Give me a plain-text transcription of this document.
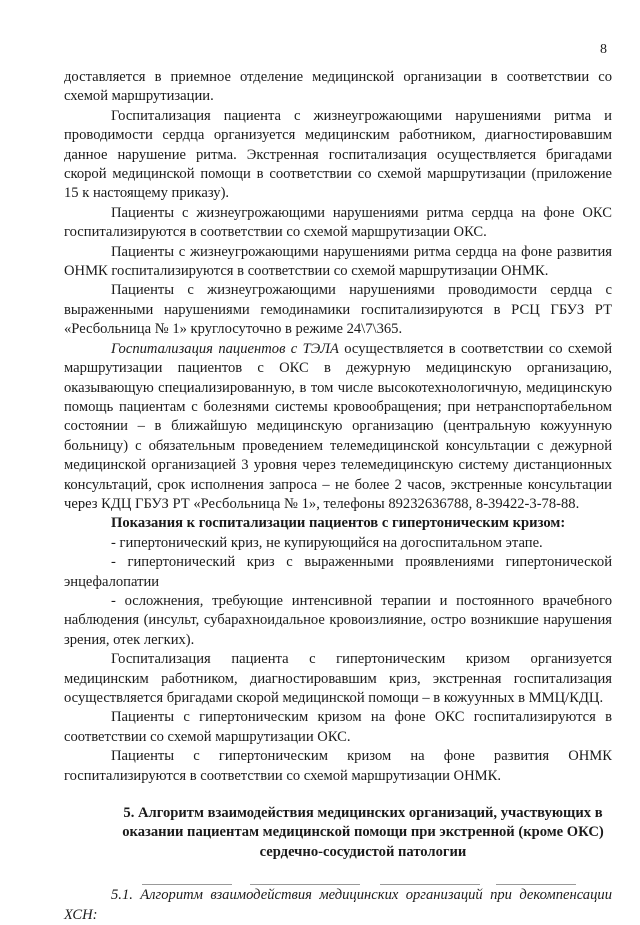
8

доставляется в приемное отделение медицинской организации в соответствии со схемой маршрутизации.

Госпитализация пациента с жизнеугрожающими нарушениями ритма и проводимости сердца организуется медицинским работником, диагностировавшим данное нарушение ритма. Экстренная госпитализация осуществляется бригадами скорой медицинской помощи в соответствии со схемой маршрутизации (приложение 15 к настоящему приказу).

Пациенты с жизнеугрожающими нарушениями ритма сердца на фоне ОКС госпитализируются в соответствии со схемой маршрутизации ОКС.

Пациенты с жизнеугрожающими нарушениями ритма сердца на фоне развития ОНМК госпитализируются в соответствии со схемой маршрутизации ОНМК.

Пациенты с жизнеугрожающими нарушениями проводимости сердца с выраженными нарушениями гемодинамики госпитализируются в РСЦ ГБУЗ РТ «Ресбольница № 1» круглосуточно в режиме 24\7\365.

Госпитализация пациентов с ТЭЛА осуществляется в соответствии со схемой маршрутизации пациентов с ОКС в дежурную медицинскую организацию, оказывающую специализированную, в том числе высокотехнологичную, медицинскую помощь пациентам с болезнями системы кровообращения; при нетранспортабельном состоянии – в ближайшую медицинскую организацию (центральную кожуунную больницу) с обязательным проведением телемедицинской консультации с дежурной медицинской организацией 3 уровня через телемедицинскую систему дистанционных консультаций, срок исполнения запроса – не более 2 часов, экстренные консультации через КДЦ ГБУЗ РТ «Ресбольница № 1», телефоны 89232636788, 8-39422-3-78-88.

Показания к госпитализации пациентов с гипертоническим кризом:

- гипертонический криз, не купирующийся на догоспитальном этапе.

- гипертонический криз с выраженными проявлениями гипертонической энцефалопатии

- осложнения, требующие интенсивной терапии и постоянного врачебного наблюдения (инсульт, субарахноидальное кровоизлияние, остро возникшие нарушения зрения, отек легких).

Госпитализация пациента с гипертоническим кризом организуется медицинским работником, диагностировавшим криз, экстренная госпитализация осуществляется бригадами скорой медицинской помощи – в кожуунных в ММЦ/КДЦ.

Пациенты с гипертоническим кризом на фоне ОКС госпитализируются в соответствии со схемой маршрутизации ОКС.

Пациенты с гипертоническим кризом на фоне развития ОНМК госпитализируются в соответствии со схемой маршрутизации ОНМК.

5. Алгоритм взаимодействия медицинских организаций, участвующих в оказании пациентам медицинской помощи при экстренной (кроме ОКС) сердечно-сосудистой патологии

5.1. Алгоритм взаимодействия медицинских организаций при декомпенсации ХСН:
